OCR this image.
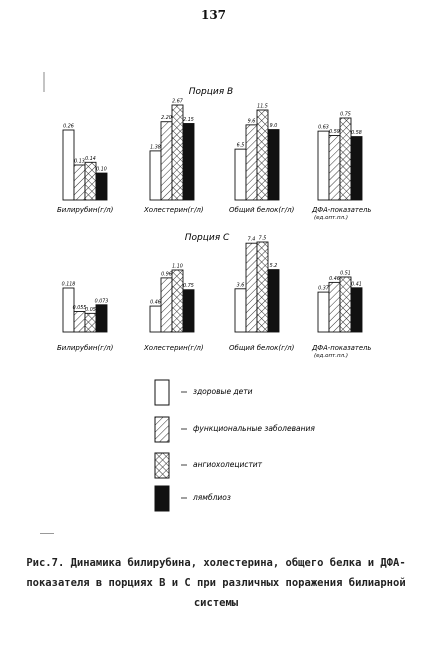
137
Порция В
0.26
0.13
0.14
0.10
Билирубин(г/л)
1.38
2.20
2.67
2.15
Холестерин(г/л)
6.5
9.6
11.5
9.0
Общий белок(г/л)
0.63
0.59
0.75
0.58
ДФА-показатель
(ед.опт.пл.)
Порция С
0.118
0.055
0.05
0.073
Билирубин(г/л)
0.46
0.96
1.10
0.75
Холестерин(г/л)
3.6
7.4 7.5
5.2
Общий белок(г/л)
0.37
0.46
0.51
0.41
ДФА-показатель
(ед.опт.пл.)
здоровые дети
функциональные заболевания
ангиохолецистит
лямблиоз
Рис.7. Динамика билирубина, холестерина, общего белка и ДФА-
показателя в порциях В и С при различных поражения билиарной
системы
